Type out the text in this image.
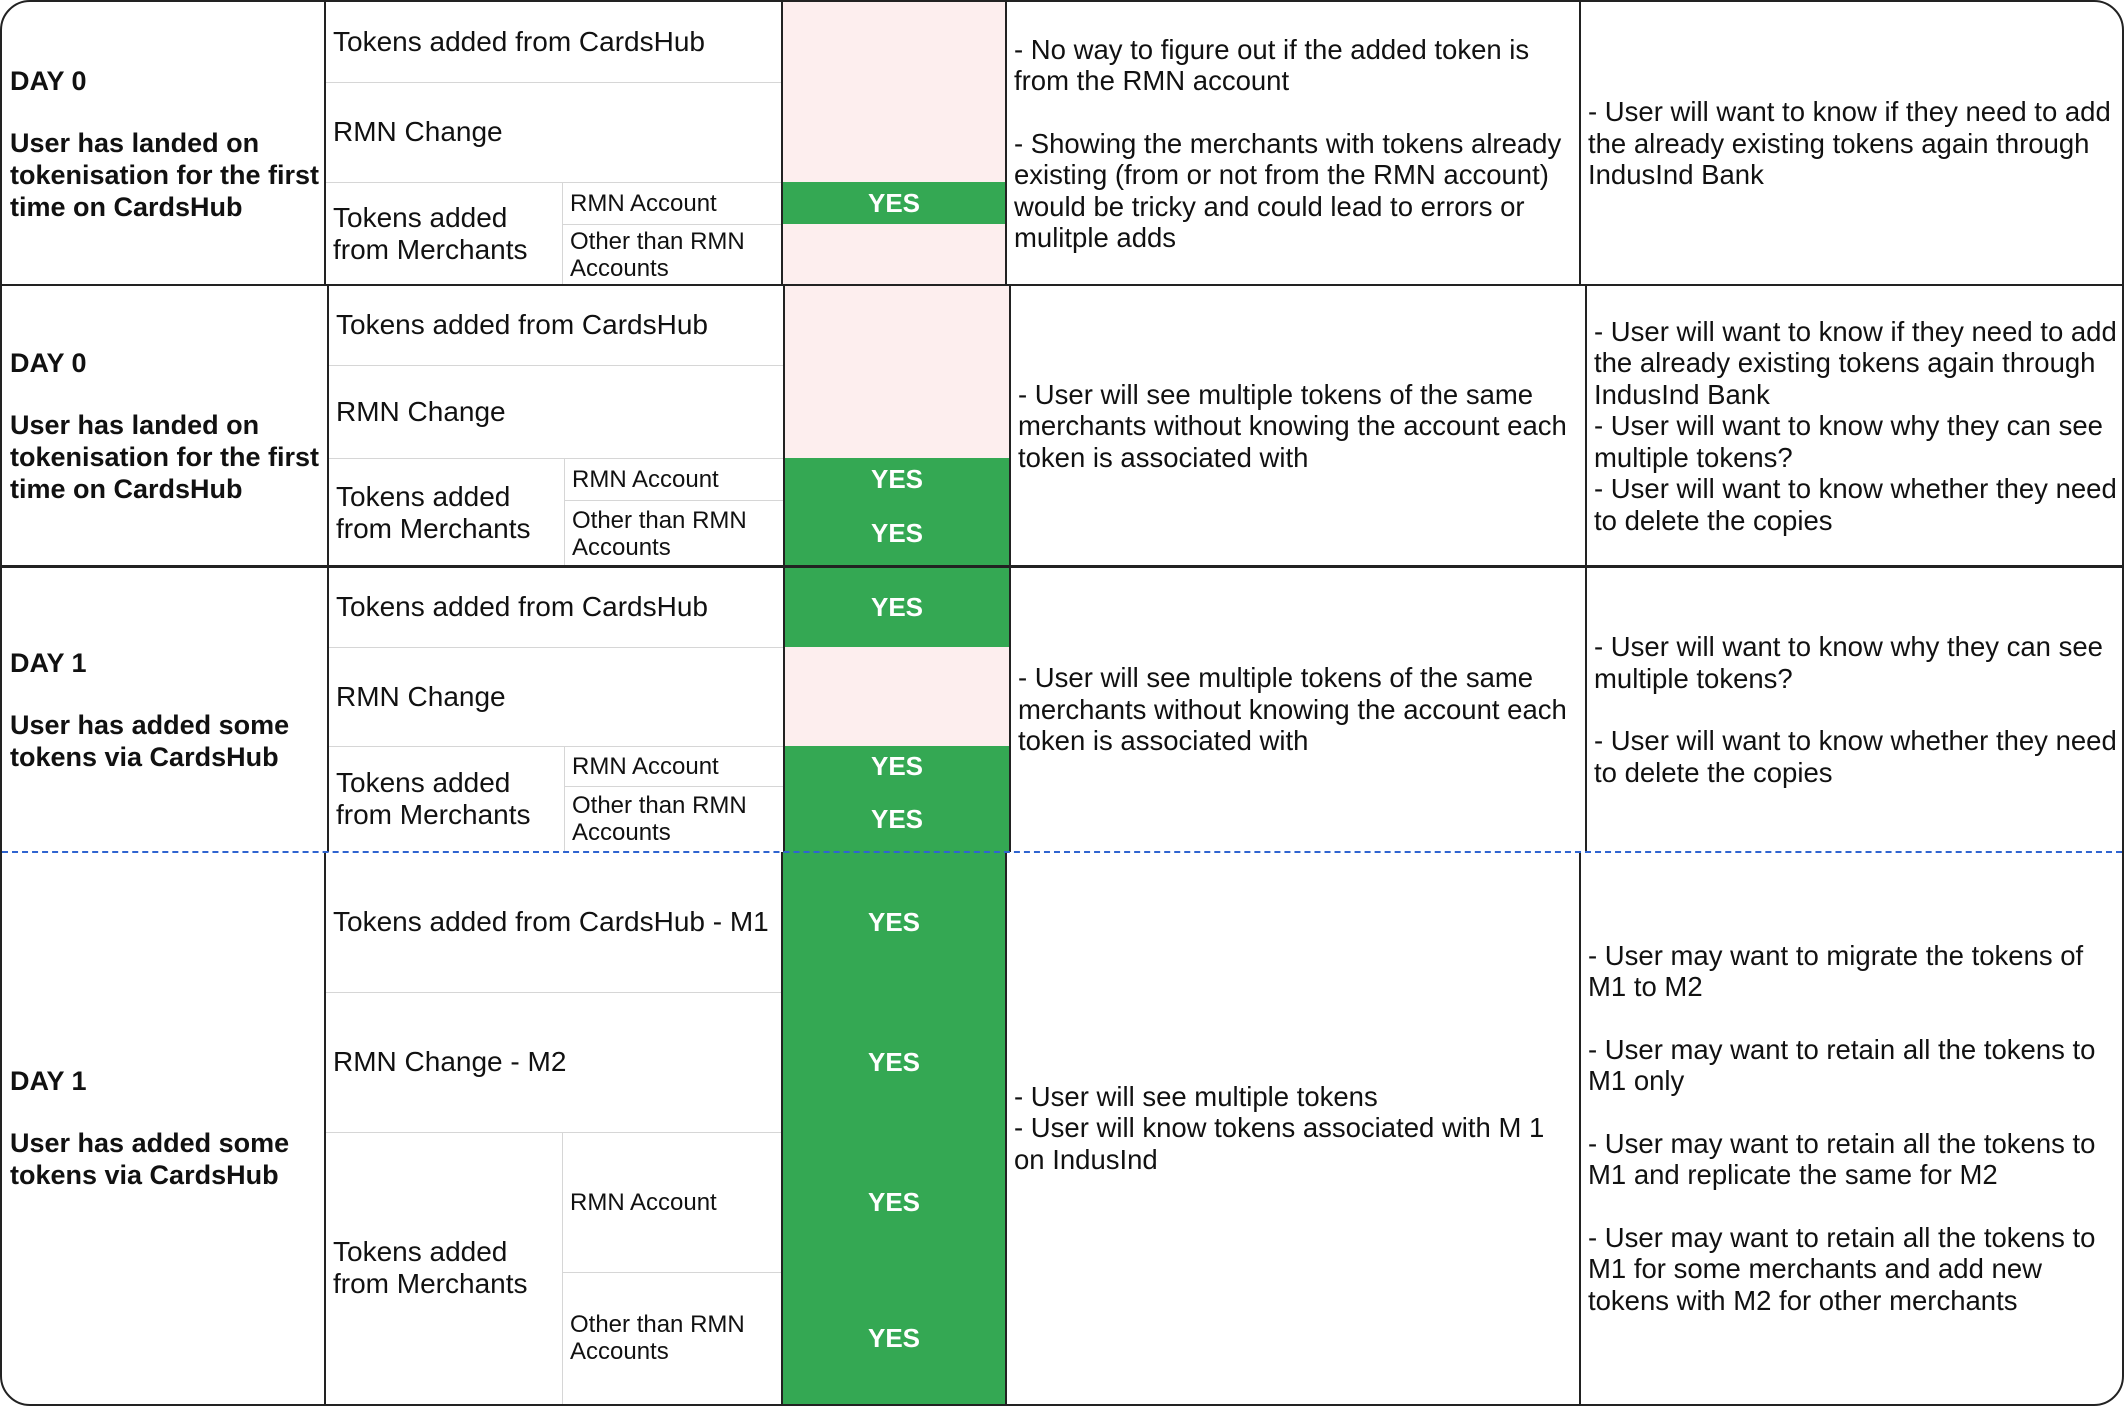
DAY 0
User has landed on tokenisation for the first time on CardsHub
Tokens added from CardsHub
RMN Change
Tokens added from Merchants
RMN Account
Other than RMN Accounts
YES

- No way to figure out if the added token is from the RMN account

- Showing the merchants with tokens already existing (from or not from the RMN account) would be tricky and could lead to errors or mulitple adds

- User will want to know if they need to add the already existing tokens again through IndusInd Bank

DAY 0
User has landed on tokenisation for the first time on CardsHub
Tokens added from CardsHub
RMN Change
Tokens added from Merchants
RMN Account
Other than RMN Accounts
YES
YES

- User will see multiple tokens of the same merchants without knowing the account each token is associated with

- User will want to know if they need to add the already existing tokens again through IndusInd Bank

- User will want to know why they can see multiple tokens?

- User will want to know whether they need to delete the copies

DAY 1
User has added some tokens via CardsHub
Tokens added from CardsHub
RMN Change
Tokens added from Merchants
RMN Account
Other than RMN Accounts
YES
YES
YES

- User will see multiple tokens of the same merchants without knowing the account each token is associated with

- User will want to know why they can see multiple tokens?

- User will want to know whether they need to delete the copies

DAY 1
User has added some tokens via CardsHub
Tokens added from CardsHub - M1
RMN Change - M2
Tokens added from Merchants
RMN Account
Other than RMN Accounts
YES
YES
YES
YES

- User will see multiple tokens

- User will know tokens associated with M 1 on IndusInd

- User may want to migrate the tokens of M1 to M2

- User may want to retain all the tokens to M1 only

- User may want to retain all the tokens to M1 and replicate the same for M2

- User may want to retain all the tokens to M1 for some merchants and add new tokens with M2 for other merchants
